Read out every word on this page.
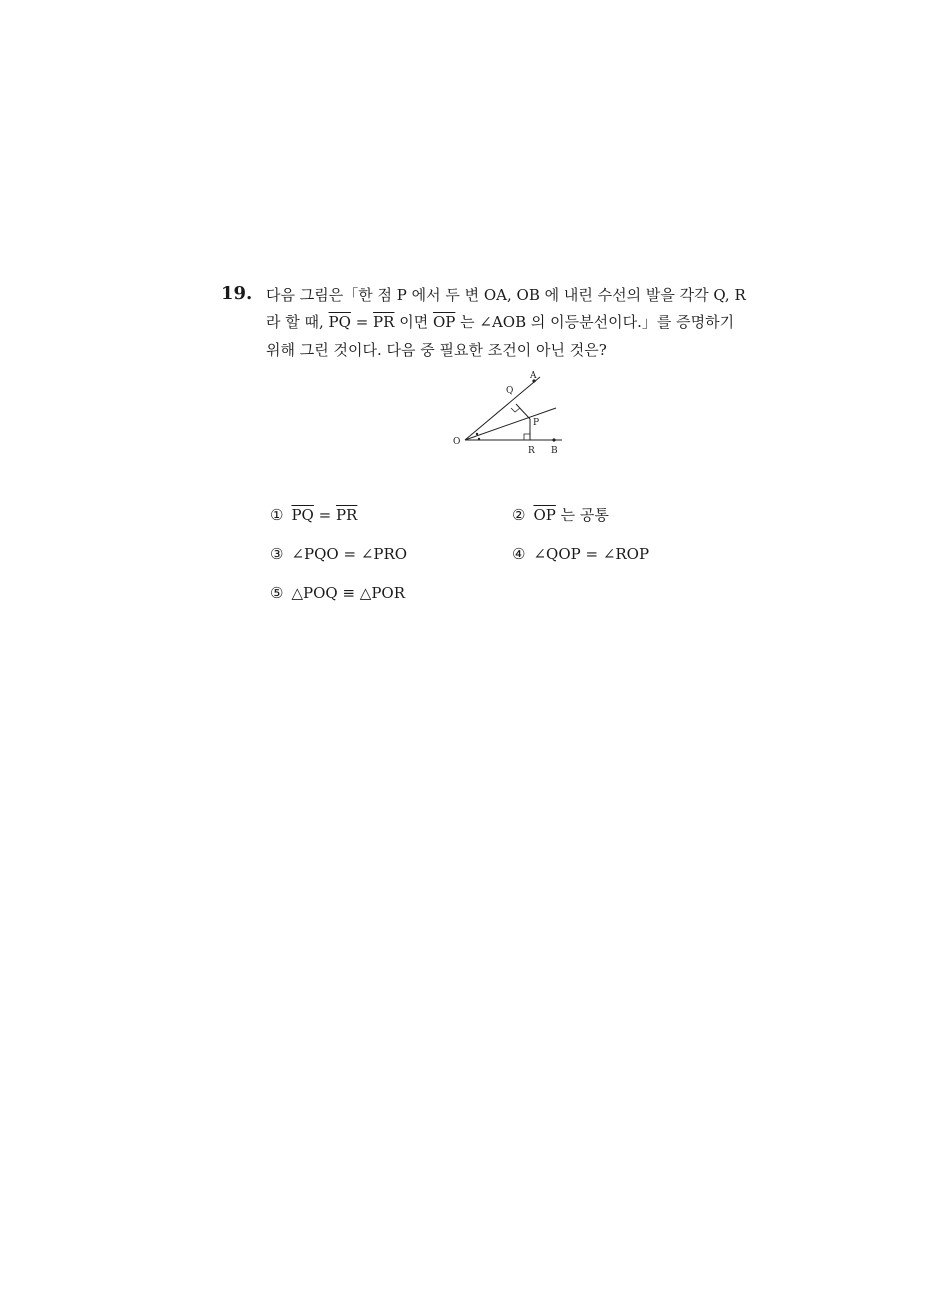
19. 다음 그림은「한 점 P 에서 두 변 OA, OB 에 내린 수선의 발을 각각 Q, R
라 할 때, $\overline{PQ} = \overline{PR}$ 이면 $\overline{OP}$ 는 ∠AOB 의 이등분선이다.」를 증명하기
위해 그린 것이다. 다음 중 필요한 조건이 아닌 것은?
A
Q
P
O
R B
① $\overline{PQ} = \overline{PR}$	② $\overline{OP}$ 는 공통
③ ∠PQO = ∠PRO	④ ∠QOP = ∠ROP
⑤ △POQ ≡ △POR
